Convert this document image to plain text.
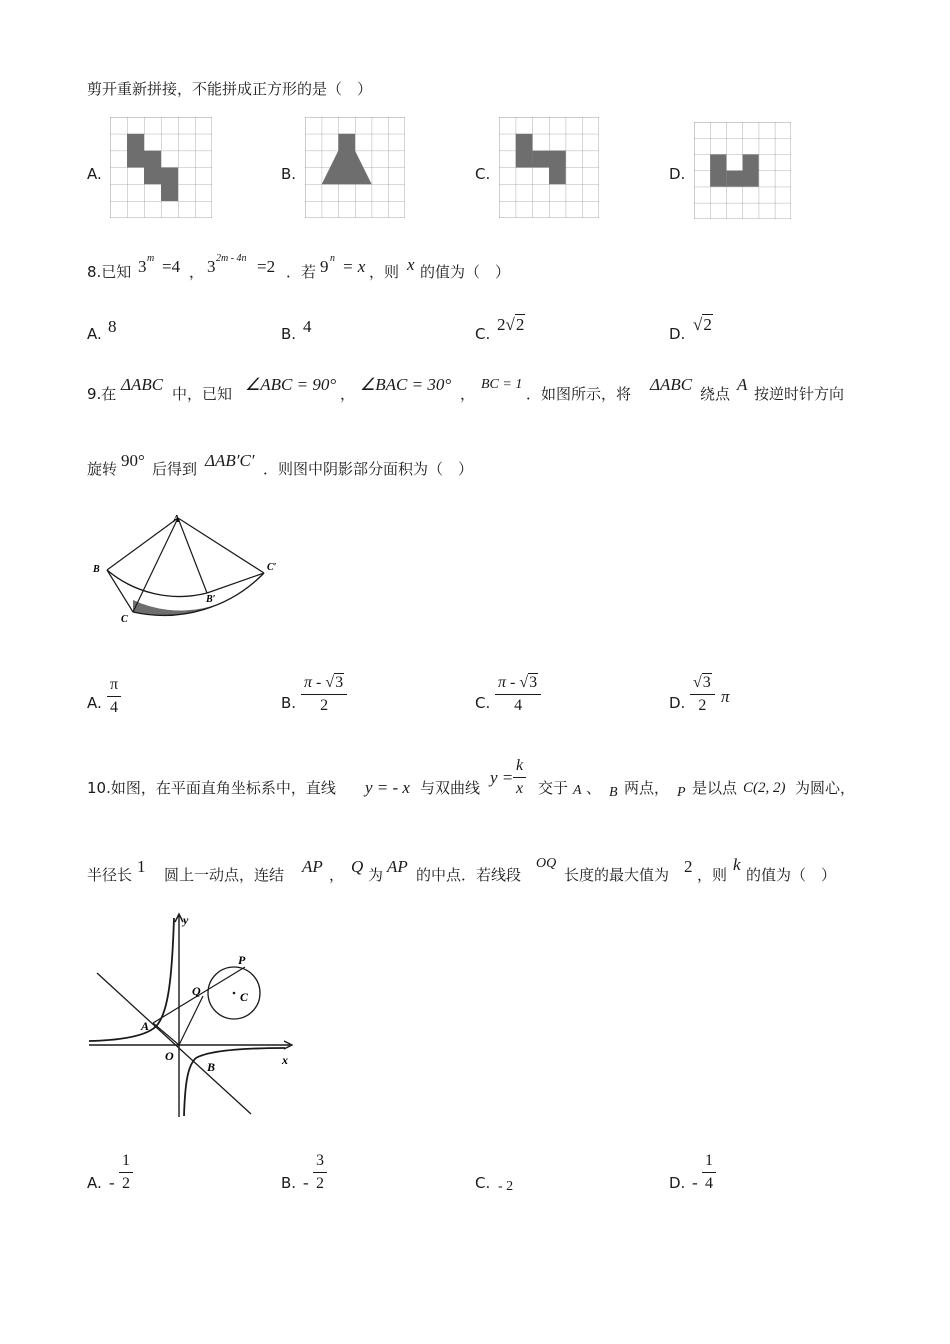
剪开重新拼接，不能拼成正方形的是（　）
A.	B.	C.	D.
8.已知 3 m =4 ， 3 2m - 4n =2 ．若 9 n = x ，则 x 的值为（　）
A. 8	B. 4	C. 2√2	D. √2
9.在 ΔABC 中，已知 ∠ABC = 90° ， ∠BAC = 30° ，
BC = 1
．如图所示，将 ΔABC 绕点 A 按逆时针方向
旋转 90° 后得到 ΔAB′C′ ．则图中阴影部分面积为（　）
A
B
C
B′
C′
A. $\frac{\pi}{4}$	B. $\frac{\pi - √3}{2}$	C. $\frac{\pi - √3}{4}$	D. $\frac{√3}{2}$ π
10.如图，在平面直角坐标系中，直线 y = - x 与双曲线
$y = \frac{k}{x}$ 交于 A 、 B 两点， P 是以点 C(2, 2) 为圆心，
半径长 1 圆上一动点，连结 AP ， Q 为 AP 的中点．若线段
OQ
长度的最大值为 2 ，则
k
的值为（　）
y
x
O
A
B
P
Q	C
A. - $\frac{1}{2}$	B. - $\frac{3}{2}$	C. - 2	D. - $\frac{1}{4}$
